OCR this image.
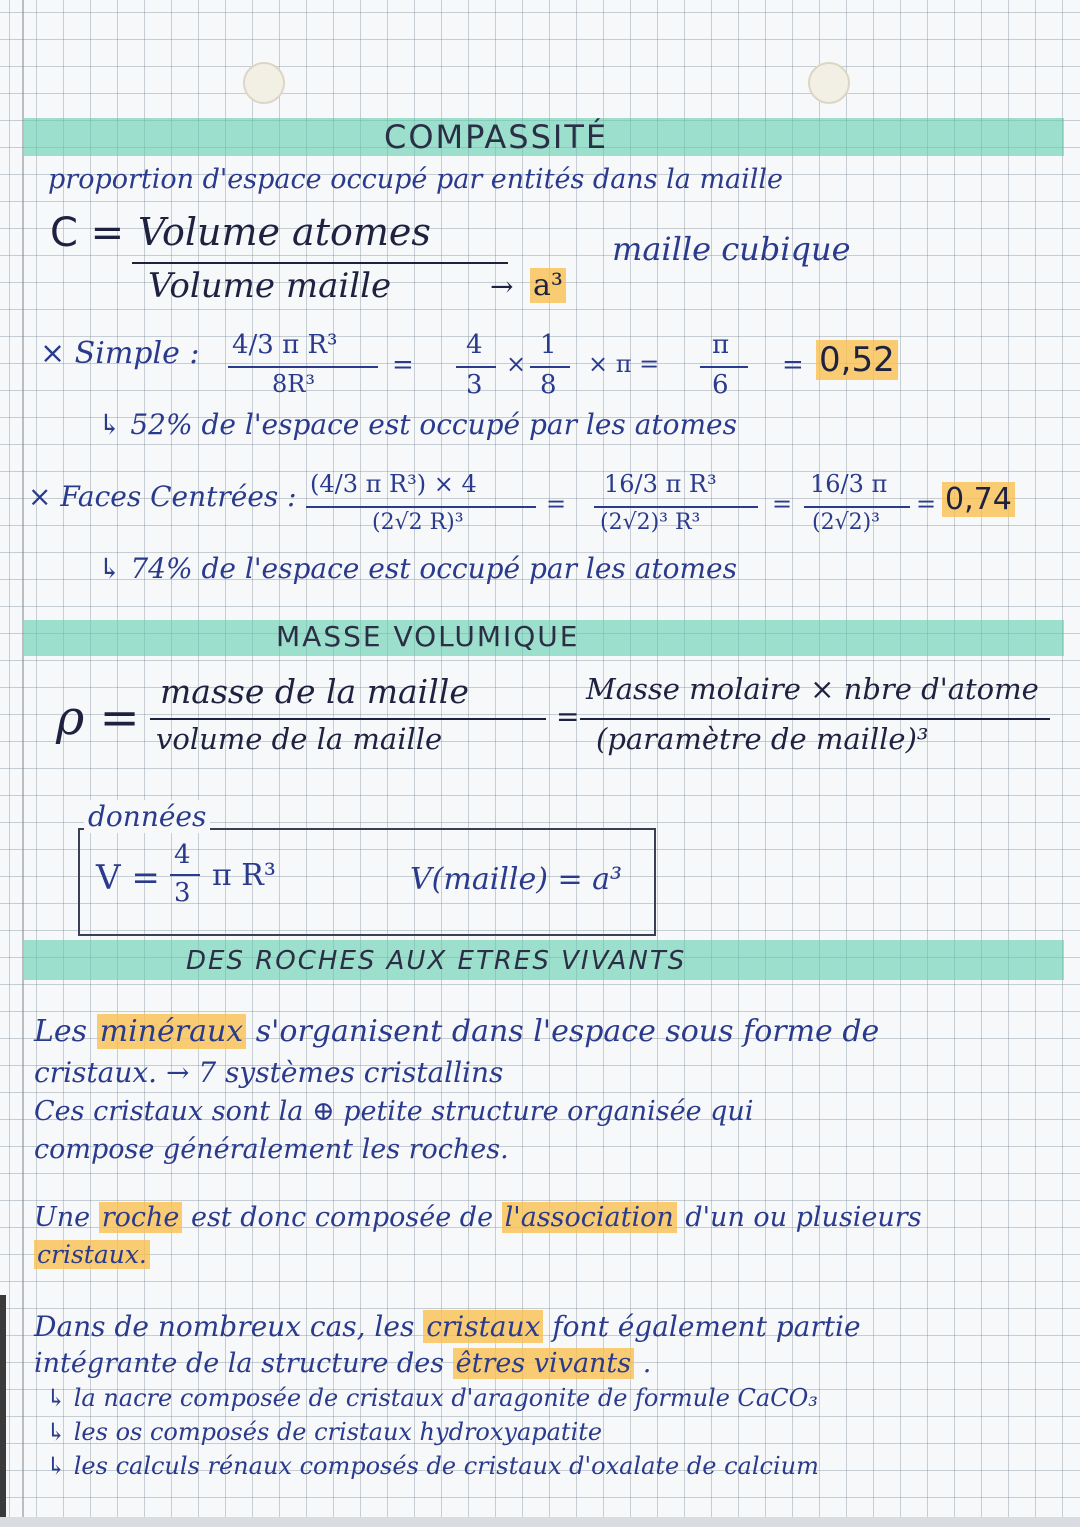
COMPASSITÉ
proportion d'espace occupé par entités dans la maille
C = Volume atomes
Volume maille	→ a³
maille cubique
× Simple : 4/3 π R³
8R³
=
4
3
×
1
8
× π =
π
6
= 0,52
↳ 52% de l'espace est occupé par les atomes
× Faces Centrées : (4/3 π R³) × 4
(2√2 R)³
=
16/3 π R³
(2√2)³ R³
=
16/3 π
(2√2)³
= 0,74
↳ 74% de l'espace est occupé par les atomes
MASSE VOLUMIQUE
ρ = masse de la maille
volume de la maille
=
Masse molaire × nbre d'atome
(paramètre de maille)³
données
V =
4
3 π R³	V(maille) = a³
DES ROCHES AUX ETRES VIVANTS
Les minéraux s'organisent dans l'espace sous forme de
cristaux. → 7 systèmes cristallins
Ces cristaux sont la ⊕ petite structure organisée qui
compose généralement les roches.
Une roche est donc composée de l'association d'un ou plusieurs
cristaux.
Dans de nombreux cas, les cristaux font également partie
intégrante de la structure des êtres vivants .
↳ la nacre composée de cristaux d'aragonite de formule CaCO₃
↳ les os composés de cristaux hydroxyapatite
↳ les calculs rénaux composés de cristaux d'oxalate de calcium
